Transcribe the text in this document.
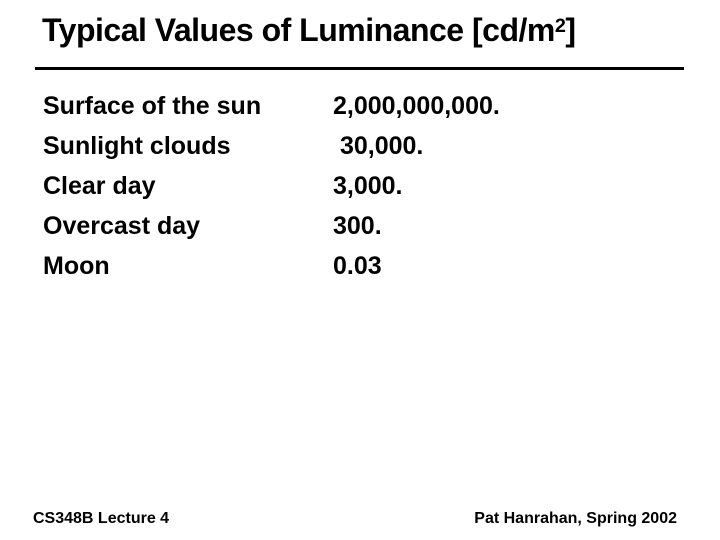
Typical Values of Luminance $[cd/m^2]$
Surface of the sun	2,000,000,000.
Sunlight clouds	30,000.
Clear day	3,000.
Overcast day	300.
Moon	0.03
CS348B Lecture 4	Pat Hanrahan, Spring 2002
